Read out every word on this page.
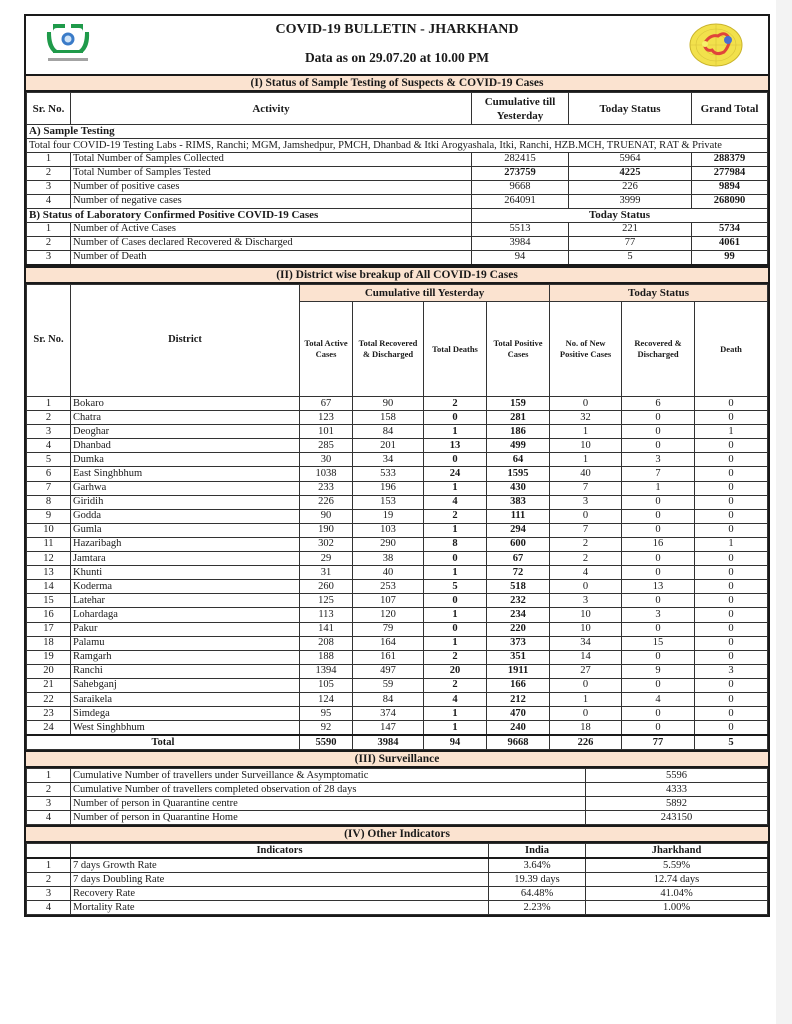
COVID-19 BULLETIN - JHARKHAND
Data as on 29.07.20 at 10.00 PM
(I) Status of Sample Testing of Suspects & COVID-19 Cases
Sr. No.	Activity	Cumulative till Yesterday	Today Status	Grand Total
A) Sample Testing				
Total four COVID-19 Testing Labs - RIMS, Ranchi; MGM, Jamshedpur, PMCH, Dhanbad & Itki Arogyashala, Itki, Ranchi, HZB.MCH, TRUENAT, RAT & Private				
1	Total Number of Samples Collected	282415	5964	288379
2	Total Number of Samples Tested	273759	4225	277984
3	Number of positive cases	9668	226	9894
4	Number of negative cases	264091	3999	268090
B) Status of Laboratory Confirmed Positive COVID-19 Cases		Today Status		
1	Number of Active Cases	5513	221	5734
2	Number of Cases declared Recovered & Discharged	3984	77	4061
3	Number of Death	94	5	99
(II) District wise breakup of All COVID-19 Cases
Sr. No.	District	Cumulative till Yesterday				Today Status		
		Total Active Cases	Total Recovered & Discharged	Total Deaths	Total Positive Cases	No. of New Positive Cases	Recovered & Discharged	Death
1	Bokaro	67	90	2	159	0	6	0
2	Chatra	123	158	0	281	32	0	0
3	Deoghar	101	84	1	186	1	0	1
4	Dhanbad	285	201	13	499	10	0	0
5	Dumka	30	34	0	64	1	3	0
6	East Singhbhum	1038	533	24	1595	40	7	0
7	Garhwa	233	196	1	430	7	1	0
8	Giridih	226	153	4	383	3	0	0
9	Godda	90	19	2	111	0	0	0
10	Gumla	190	103	1	294	7	0	0
11	Hazaribagh	302	290	8	600	2	16	1
12	Jamtara	29	38	0	67	2	0	0
13	Khunti	31	40	1	72	4	0	0
14	Koderma	260	253	5	518	0	13	0
15	Latehar	125	107	0	232	3	0	0
16	Lohardaga	113	120	1	234	10	3	0
17	Pakur	141	79	0	220	10	0	0
18	Palamu	208	164	1	373	34	15	0
19	Ramgarh	188	161	2	351	14	0	0
20	Ranchi	1394	497	20	1911	27	9	3
21	Sahebganj	105	59	2	166	0	0	0
22	Saraikela	124	84	4	212	1	4	0
23	Simdega	95	374	1	470	0	0	0
24	West Singhbhum	92	147	1	240	18	0	0
Total		5590	3984	94	9668	226	77	5
(III) Surveillance
1	Cumulative Number of travellers under Surveillance & Asymptomatic	5596
2	Cumulative Number of travellers completed observation of 28 days	4333
3	Number of person in Quarantine centre	5892
4	Number of person in Quarantine Home	243150
(IV) Other Indicators
	Indicators	India	Jharkhand
1	7 days Growth Rate	3.64%	5.59%
2	7 days Doubling Rate	19.39 days	12.74 days
3	Recovery Rate	64.48%	41.04%
4	Mortality Rate	2.23%	1.00%
